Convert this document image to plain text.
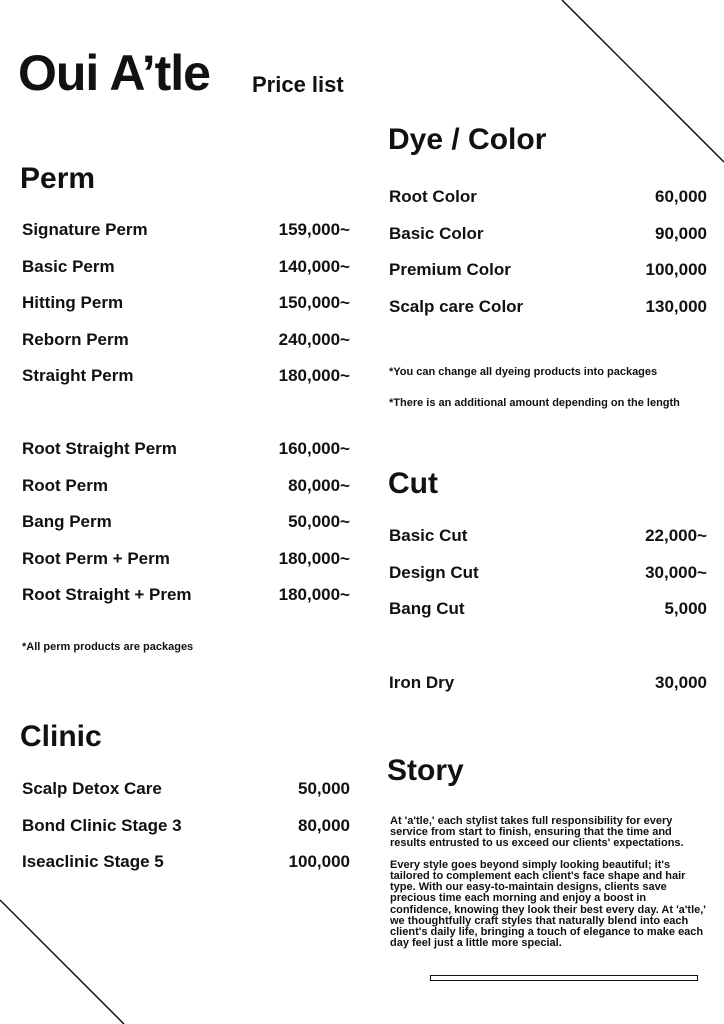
Oui A’tle Price list
Perm
Signature Perm	159,000~
Basic Perm	140,000~
Hitting Perm	150,000~
Reborn Perm	240,000~
Straight Perm	180,000~
Root Straight Perm	160,000~
Root Perm	80,000~
Bang Perm	50,000~
Root Perm + Perm	180,000~
Root Straight + Prem	180,000~
*All perm products are packages
Clinic
Scalp Detox Care	50,000
Bond Clinic Stage 3	80,000
Iseaclinic Stage 5	100,000
Dye / Color
Root Color	60,000
Basic Color	90,000
Premium Color	100,000
Scalp care Color	130,000
*You can change all dyeing products into packages
*There is an additional amount depending on the length
Cut
Basic Cut	22,000~
Design Cut	30,000~
Bang Cut	5,000
Iron Dry	30,000
Story

At 'a'tle,' each stylist takes full responsibility for every service from start to finish, ensuring that the time and results entrusted to us exceed our clients' expectations.

Every style goes beyond simply looking beautiful; it's tailored to complement each client's face shape and hair type. With our easy-to-maintain designs, clients save precious time each morning and enjoy a boost in confidence, knowing they look their best every day. At 'a'tle,' we thoughtfully craft styles that naturally blend into each client's daily life, bringing a touch of elegance to make each day feel just a little more special.
